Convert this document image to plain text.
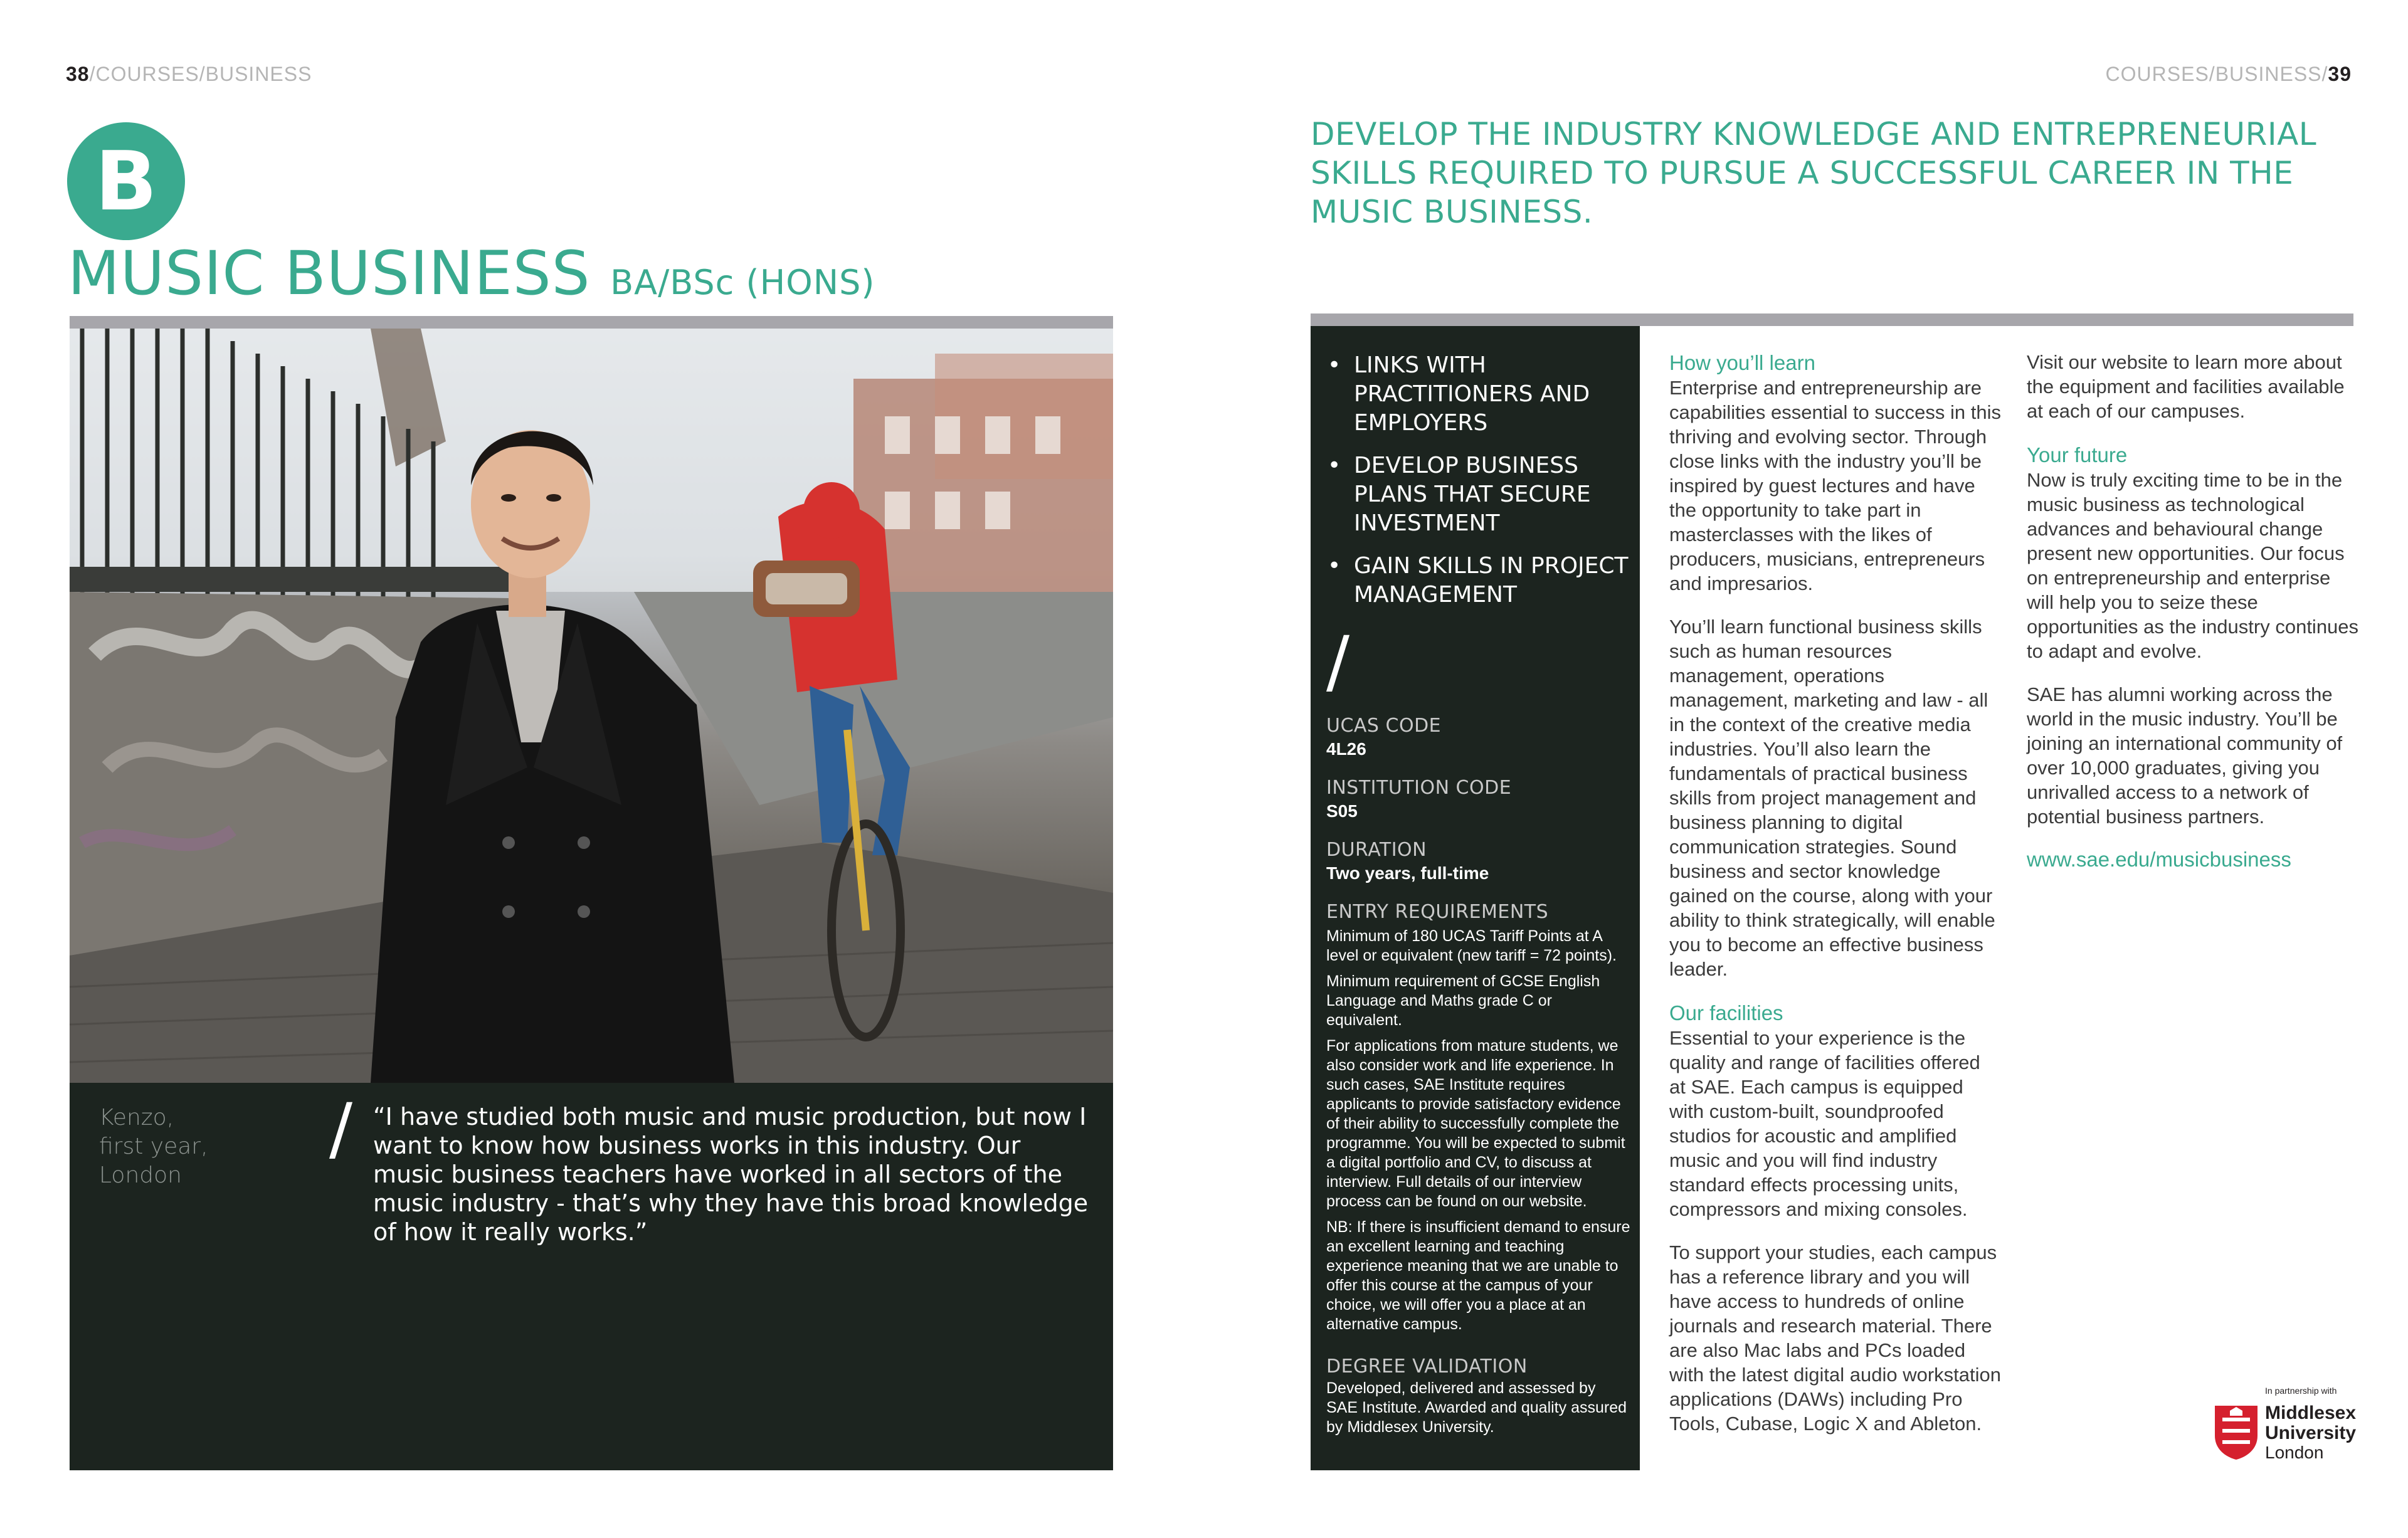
38/COURSES/BUSINESS
B
MUSIC BUSINESS BA/BSc (HONS)
Kenzo,
first year,
London
/ “I have studied both music and music production, but now I want to know how business works in this industry. Our music business teachers have worked in all sectors of the music industry - that’s why they have this broad knowledge of how it really works.”
COURSES/BUSINESS/39
DEVELOP THE INDUSTRY KNOWLEDGE AND ENTREPRENEURIAL SKILLS REQUIRED TO PURSUE A SUCCESSFUL CAREER IN THE MUSIC BUSINESS.
• LINKS WITH PRACTITIONERS AND EMPLOYERS
• DEVELOP BUSINESS PLANS THAT SECURE INVESTMENT
• GAIN SKILLS IN PROJECT MANAGEMENT
/
UCAS CODE
4L26
INSTITUTION CODE
S05
DURATION
Two years, full-time
ENTRY REQUIREMENTS
Minimum of 180 UCAS Tariff Points at A level or equivalent (new tariff = 72 points).
Minimum requirement of GCSE English Language and Maths grade C or equivalent.
For applications from mature students, we also consider work and life experience. In such cases, SAE Institute requires applicants to provide satisfactory evidence of their ability to successfully complete the programme. You will be expected to submit a digital portfolio and CV, to discuss at interview. Full details of our interview process can be found on our website.
NB: If there is insufficient demand to ensure an excellent learning and teaching experience meaning that we are unable to offer this course at the campus of your choice, we will offer you a place at an alternative campus.
DEGREE VALIDATION
Developed, delivered and assessed by SAE Institute. Awarded and quality assured by Middlesex University.
How you’ll learn

Enterprise and entrepreneurship are capabilities essential to success in this thriving and evolving sector. Through close links with the industry you’ll be inspired by guest lectures and have the opportunity to take part in masterclasses with the likes of producers, musicians, entrepreneurs and impresarios.

You’ll learn functional business skills such as human resources management, operations management, marketing and law - all in the context of the creative media industries. You’ll also learn the fundamentals of practical business skills from project management and business planning to digital communication strategies. Sound business and sector knowledge gained on the course, along with your ability to think strategically, will enable you to become an effective business leader.

Our facilities

Essential to your experience is the quality and range of facilities offered at SAE. Each campus is equipped with custom-built, soundproofed studios for acoustic and amplified music and you will find industry standard effects processing units, compressors and mixing consoles.

To support your studies, each campus has a reference library and you will have access to hundreds of online journals and research material. There are also Mac labs and PCs loaded with the latest digital audio workstation applications (DAWs) including Pro Tools, Cubase, Logic X and Ableton.

Visit our website to learn more about the equipment and facilities available at each of our campuses.

Your future

Now is truly exciting time to be in the music business as technological advances and behavioural change present new opportunities. Our focus on entrepreneurship and enterprise will help you to seize these opportunities as the industry continues to adapt and evolve.

SAE has alumni working across the world in the music industry. You’ll be joining an international community of over 10,000 graduates, giving you unrivalled access to a network of potential business partners.

www.sae.edu/musicbusiness
In partnership with
Middlesex
University
London
